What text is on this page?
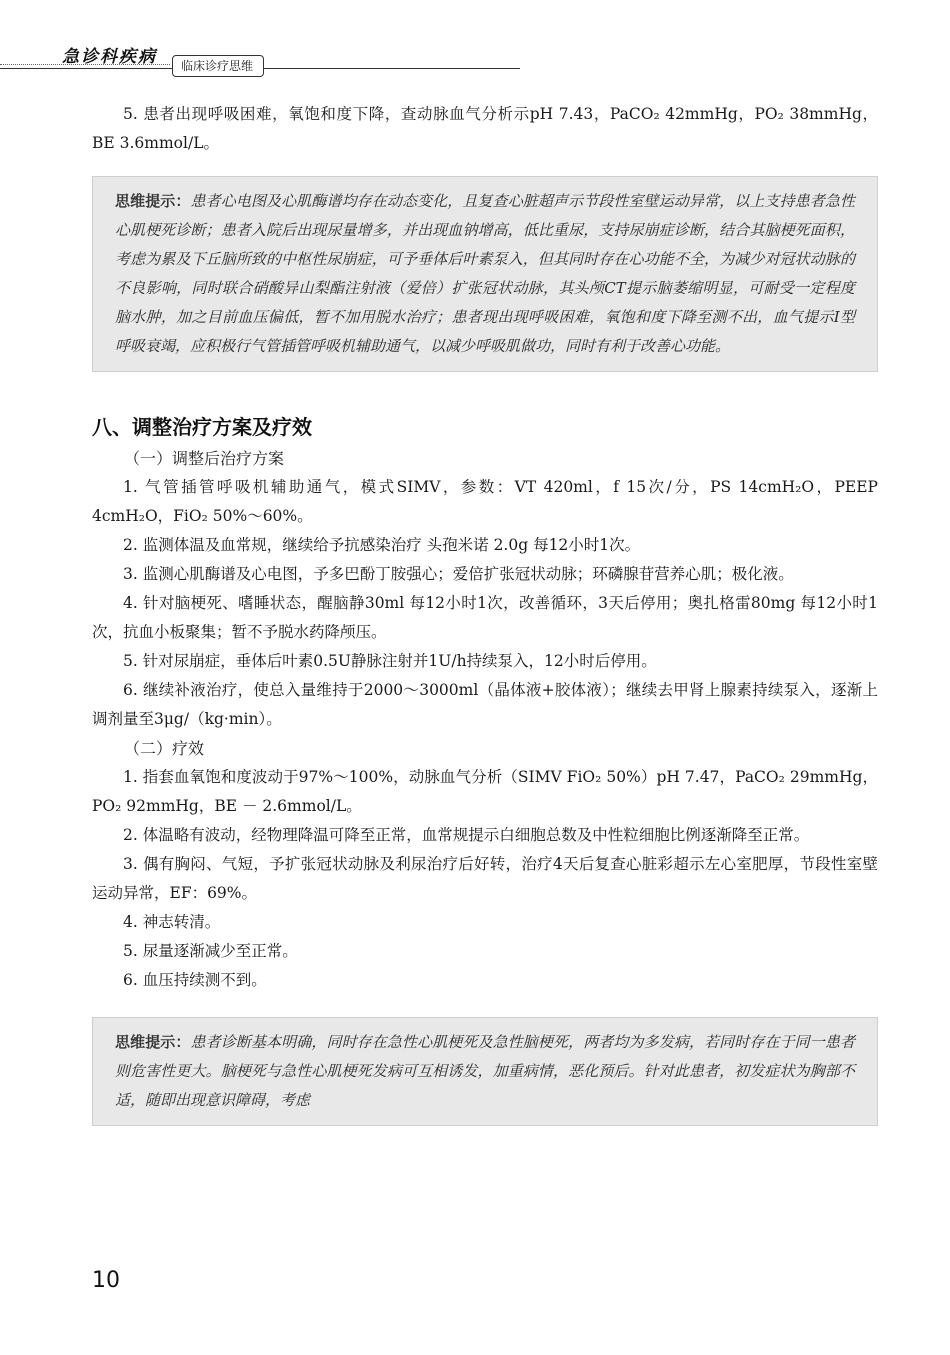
急诊科疾病	临床诊疗思维

5. 患者出现呼吸困难，氧饱和度下降，查动脉血气分析示pH 7.43，PaCO₂ 42mmHg，PO₂ 38mmHg，BE 3.6mmol/L。

思维提示：患者心电图及心肌酶谱均存在动态变化，且复查心脏超声示节段性室壁运动异常，以上支持患者急性心肌梗死诊断；患者入院后出现尿量增多，并出现血钠增高，低比重尿，支持尿崩症诊断，结合其脑梗死面积，考虑为累及下丘脑所致的中枢性尿崩症，可予垂体后叶素泵入，但其同时存在心功能不全，为减少对冠状动脉的不良影响，同时联合硝酸异山梨酯注射液（爱倍）扩张冠状动脉，其头颅CT提示脑萎缩明显，可耐受一定程度脑水肿，加之目前血压偏低，暂不加用脱水治疗；患者现出现呼吸困难，氧饱和度下降至测不出，血气提示Ⅰ型呼吸衰竭，应积极行气管插管呼吸机辅助通气，以减少呼吸肌做功，同时有利于改善心功能。
八、调整治疗方案及疗效

（一）调整后治疗方案

1. 气管插管呼吸机辅助通气，模式SIMV，参数：VT 420ml，f 15次/分，PS 14cmH₂O，PEEP 4cmH₂O，FiO₂ 50%～60%。

2. 监测体温及血常规，继续给予抗感染治疗 头孢米诺 2.0g 每12小时1次。

3. 监测心肌酶谱及心电图，予多巴酚丁胺强心；爱倍扩张冠状动脉；环磷腺苷营养心肌；极化液。

4. 针对脑梗死、嗜睡状态，醒脑静30ml 每12小时1次，改善循环，3天后停用；奥扎格雷80mg 每12小时1次，抗血小板聚集；暂不予脱水药降颅压。

5. 针对尿崩症，垂体后叶素0.5U静脉注射并1U/h持续泵入，12小时后停用。

6. 继续补液治疗，使总入量维持于2000～3000ml（晶体液+胶体液）；继续去甲肾上腺素持续泵入，逐渐上调剂量至3μg/（kg·min）。

（二）疗效

1. 指套血氧饱和度波动于97%～100%，动脉血气分析（SIMV FiO₂ 50%）pH 7.47，PaCO₂ 29mmHg，PO₂ 92mmHg，BE － 2.6mmol/L。

2. 体温略有波动，经物理降温可降至正常，血常规提示白细胞总数及中性粒细胞比例逐渐降至正常。

3. 偶有胸闷、气短，予扩张冠状动脉及利尿治疗后好转，治疗4天后复查心脏彩超示左心室肥厚，节段性室壁运动异常，EF：69%。

4. 神志转清。

5. 尿量逐渐减少至正常。

6. 血压持续测不到。

思维提示：患者诊断基本明确，同时存在急性心肌梗死及急性脑梗死，两者均为多发病，若同时存在于同一患者则危害性更大。脑梗死与急性心肌梗死发病可互相诱发，加重病情，恶化预后。针对此患者，初发症状为胸部不适，随即出现意识障碍，考虑
10
